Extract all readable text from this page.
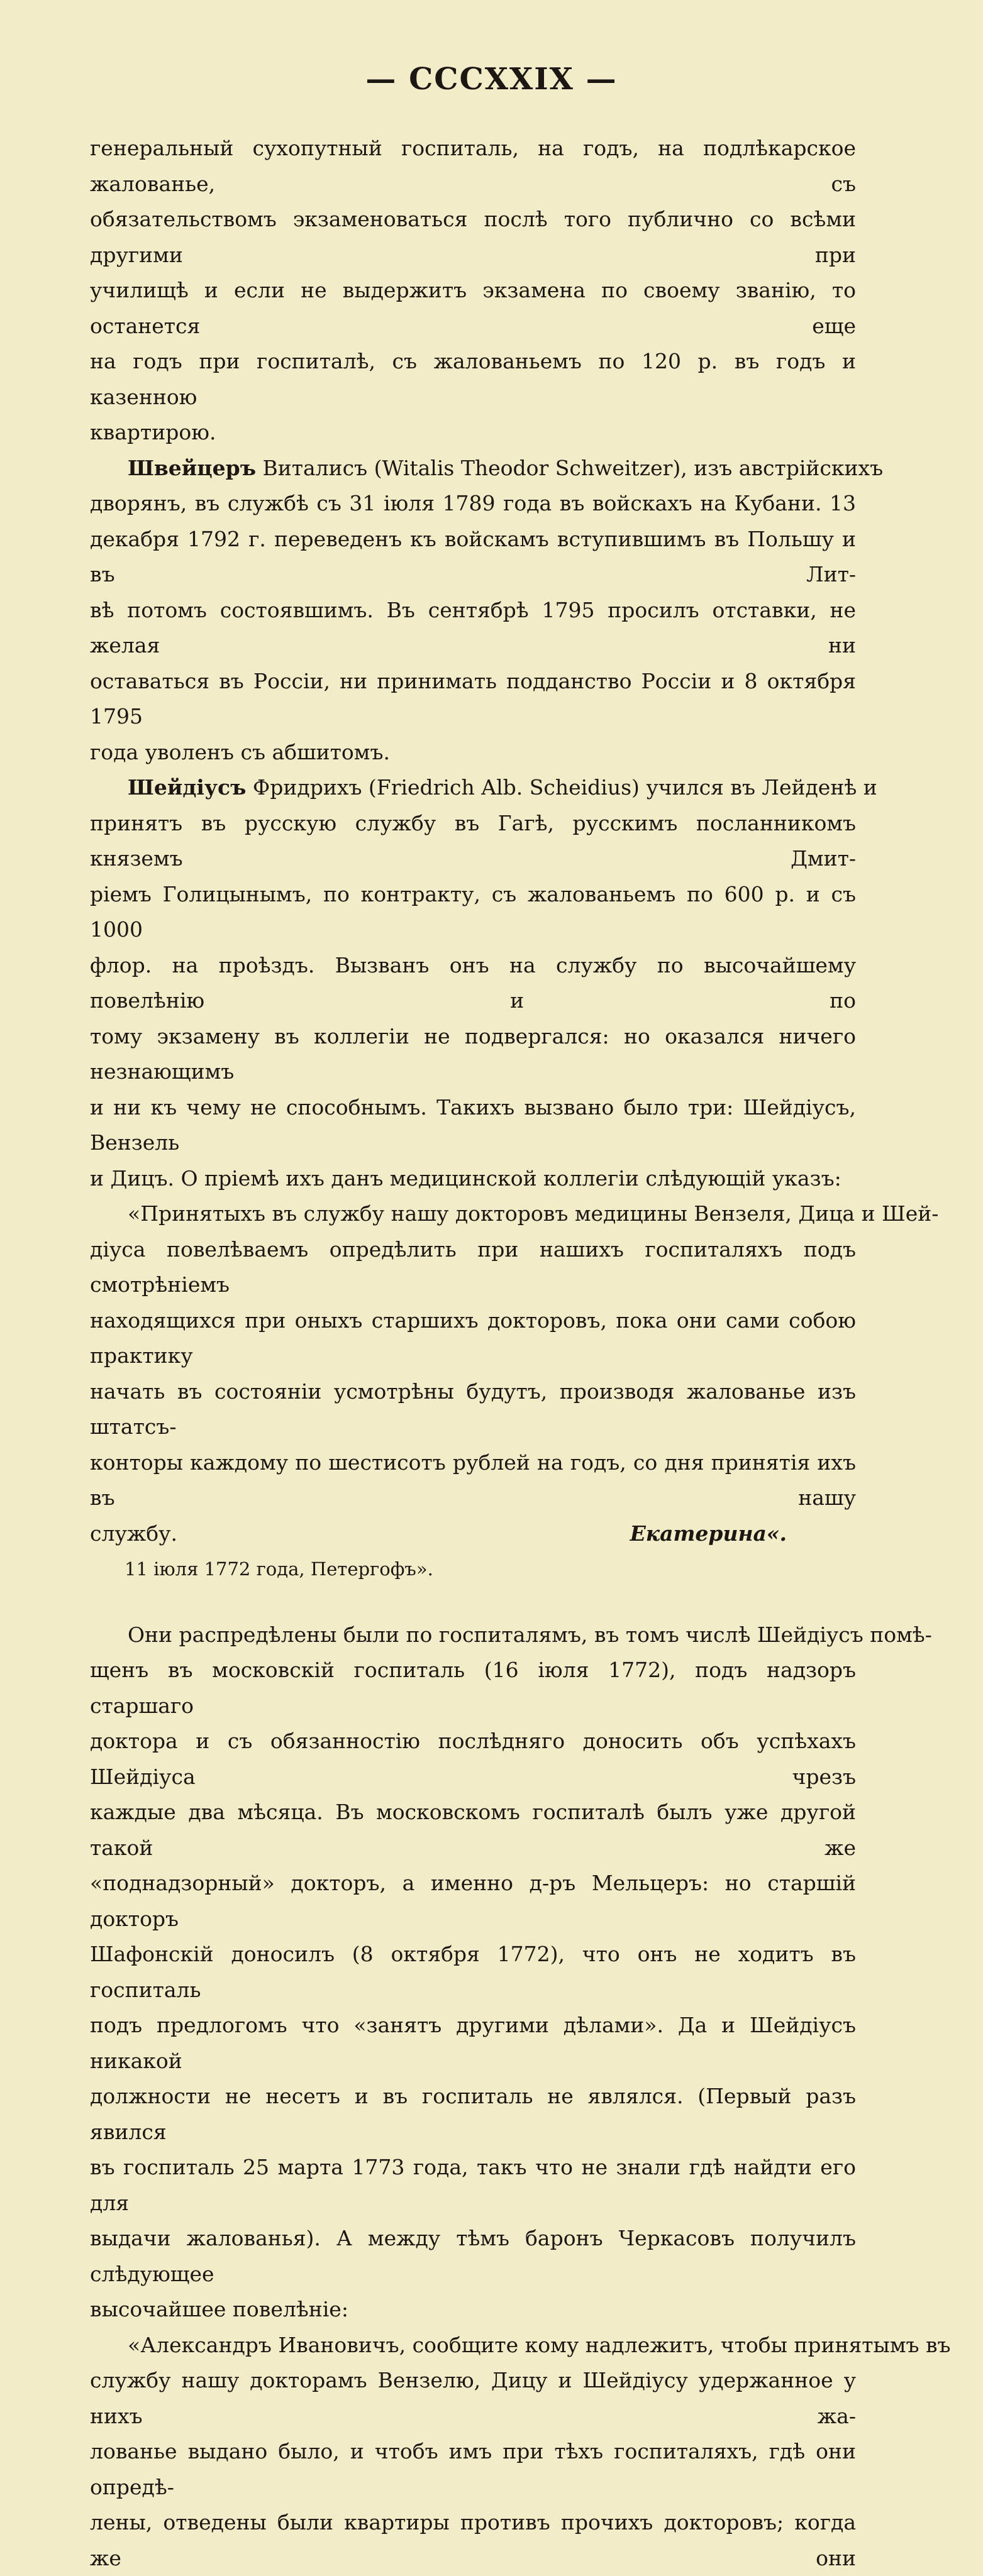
— CCCXXIX —
генеральный сухопутный госпиталь, на годъ, на подлѣкарское жалованье, съ
обязательствомъ экзаменоваться послѣ того публично со всѣми другими при
училищѣ и если не выдержитъ экзамена по своему званію, то останется еще
на годъ при госпиталѣ, съ жалованьемъ по 120 р. въ годъ и казенною
квартирою.
Швейцеръ Виталисъ (Witalis Theodor Schweitzer), изъ австрійскихъ
дворянъ, въ службѣ съ 31 іюля 1789 года въ войскахъ на Кубани. 13
декабря 1792 г. переведенъ къ войскамъ вступившимъ въ Польшу и въ Лит-
вѣ потомъ состоявшимъ. Въ сентябрѣ 1795 просилъ отставки, не желая ни
оставаться въ Россіи, ни принимать подданство Россіи и 8 октября 1795
года уволенъ съ абшитомъ.
Шейдіусъ Фридрихъ (Friedrich Alb. Scheidius) учился въ Лейденѣ и
принятъ въ русскую службу въ Гагѣ, русскимъ посланникомъ княземъ Дмит-
ріемъ Голицынымъ, по контракту, съ жалованьемъ по 600 р. и съ 1000
флор. на проѣздъ. Вызванъ онъ на службу по высочайшему повелѣнію и по
тому экзамену въ коллегіи не подвергался: но оказался ничего незнающимъ
и ни къ чему не способнымъ. Такихъ вызвано было три: Шейдіусъ, Вензель
и Дицъ. О пріемѣ ихъ данъ медицинской коллегіи слѣдующій указъ:
«Принятыхъ въ службу нашу докторовъ медицины Вензеля, Дица и Шей-
діуса повелѣваемъ опредѣлить при нашихъ госпиталяхъ подъ смотрѣніемъ
находящихся при оныхъ старшихъ докторовъ, пока они сами собою практику
начать въ состояніи усмотрѣны будутъ, производя жалованье изъ штатсъ-
конторы каждому по шестисотъ рублей на годъ, со дня принятія ихъ въ нашу
службу.	Екатерина«.
11 іюля 1772 года, Петергофъ».
Они распредѣлены были по госпиталямъ, въ томъ числѣ Шейдіусъ помѣ-
щенъ въ московскій госпиталь (16 іюля 1772), подъ надзоръ старшаго
доктора и съ обязанностію послѣдняго доносить объ успѣхахъ Шейдіуса чрезъ
каждые два мѣсяца. Въ московскомъ госпиталѣ былъ уже другой такой же
«поднадзорный» докторъ, а именно д-ръ Мельцеръ: но старшій докторъ
Шафонскій доносилъ (8 октября 1772), что онъ не ходитъ въ госпиталь
подъ предлогомъ что «занятъ другими дѣлами». Да и Шейдіусъ никакой
должности не несетъ и въ госпиталь не являлся. (Первый разъ явился
въ госпиталь 25 марта 1773 года, такъ что не знали гдѣ найдти его для
выдачи жалованья). А между тѣмъ баронъ Черкасовъ получилъ слѣдующее
высочайшее повелѣніе:
«Александръ Ивановичъ, сообщите кому надлежитъ, чтобы принятымъ въ
службу нашу докторамъ Вензелю, Дицу и Шейдіусу удержанное у нихъ жа-
лованье выдано было, и чтобъ имъ при тѣхъ госпиталяхъ, гдѣ они опредѣ-
лены, отведены были квартиры противъ прочихъ докторовъ; когда же они
